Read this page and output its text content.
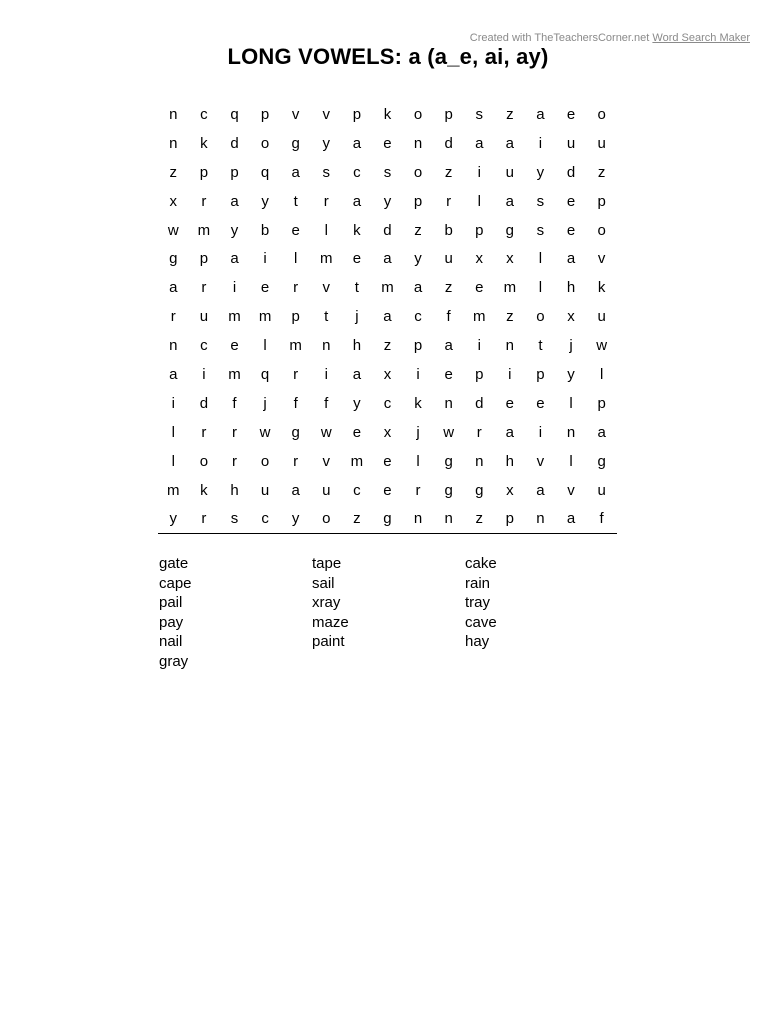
Created with TheTeachersCorner.net Word Search Maker
LONG VOWELS: a (a_e, ai, ay)
n	c	q	p	v	v	p	k	o	p	s	z	a	e	o
n	k	d	o	g	y	a	e	n	d	a	a	i	u	u
z	p	p	q	a	s	c	s	o	z	i	u	y	d	z
x	r	a	y	t	r	a	y	p	r	l	a	s	e	p
w	m	y	b	e	l	k	d	z	b	p	g	s	e	o
g	p	a	i	l	m	e	a	y	u	x	x	l	a	v
a	r	i	e	r	v	t	m	a	z	e	m	l	h	k
r	u	m	m	p	t	j	a	c	f	m	z	o	x	u
n	c	e	l	m	n	h	z	p	a	i	n	t	j	w
a	i	m	q	r	i	a	x	i	e	p	i	p	y	l
i	d	f	j	f	f	y	c	k	n	d	e	e	l	p
l	r	r	w	g	w	e	x	j	w	r	a	i	n	a
l	o	r	o	r	v	m	e	l	g	n	h	v	l	g
m	k	h	u	a	u	c	e	r	g	g	x	a	v	u
y	r	s	c	y	o	z	g	n	n	z	p	n	a	f
gate
cape
pail
pay
nail
gray
tape
sail
xray
maze
paint
cake
rain
tray
cave
hay
